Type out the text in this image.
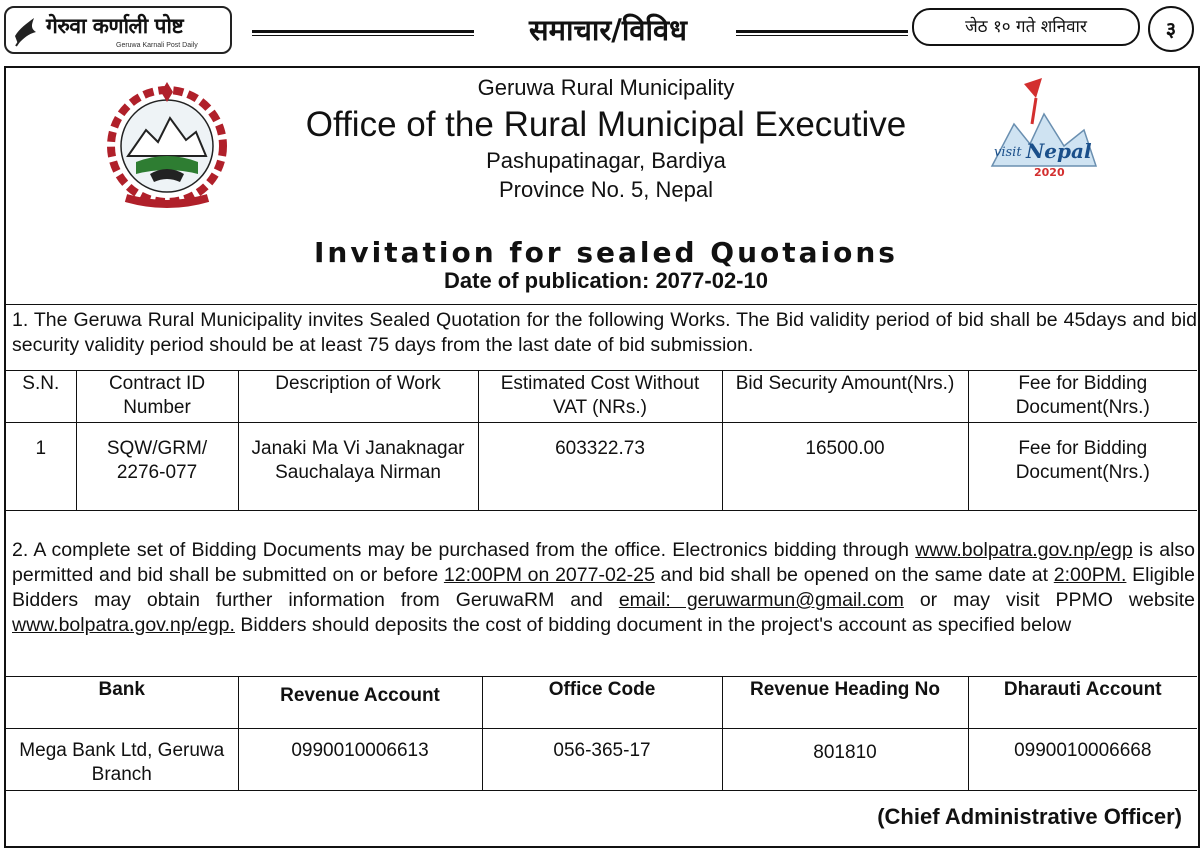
गेरुवा कर्णाली पोष्ट
Geruwa Karnali Post Daily	समाचार/विविध	जेठ १० गते शनिवार	३
Geruwa Rural Municipality
Office of the Rural Municipal Executive
Pashupatinagar, Bardiya
Province No. 5, Nepal
visit Nepal
2020
Invitation for sealed Quotaions
Date of publication: 2077-02-10
1. The Geruwa Rural Municipality invites Sealed Quotation for the following Works. The Bid validity period of bid shall be 45days and bid security validity period should be at least 75 days from the last date of bid submission.
S.N.	Contract ID Number	Description of Work	Estimated Cost Without VAT (NRs.)	Bid Security Amount(Nrs.)	Fee for Bidding Document(Nrs.)
1	SQW/GRM/ 2276-077	Janaki Ma Vi Janaknagar Sauchalaya Nirman	603322.73	16500.00	Fee for Bidding Document(Nrs.)
2. A complete set of Bidding Documents may be purchased from the office. Electronics bidding through www.bolpatra.gov.np/egp is also permitted and bid shall be submitted on or before 12:00PM on 2077-02-25 and bid shall be opened on the same date at 2:00PM. Eligible Bidders may obtain further information from GeruwaRM and email: geruwarmun@gmail.com or may visit PPMO website www.bolpatra.gov.np/egp. Bidders should deposits the cost of bidding document in the project's account as specified below
Bank	Revenue Account	Office Code	Revenue Heading No	Dharauti Account
Mega Bank Ltd, Geruwa Branch	0990010006613	056-365-17	801810	0990010006668
(Chief Administrative Officer)
